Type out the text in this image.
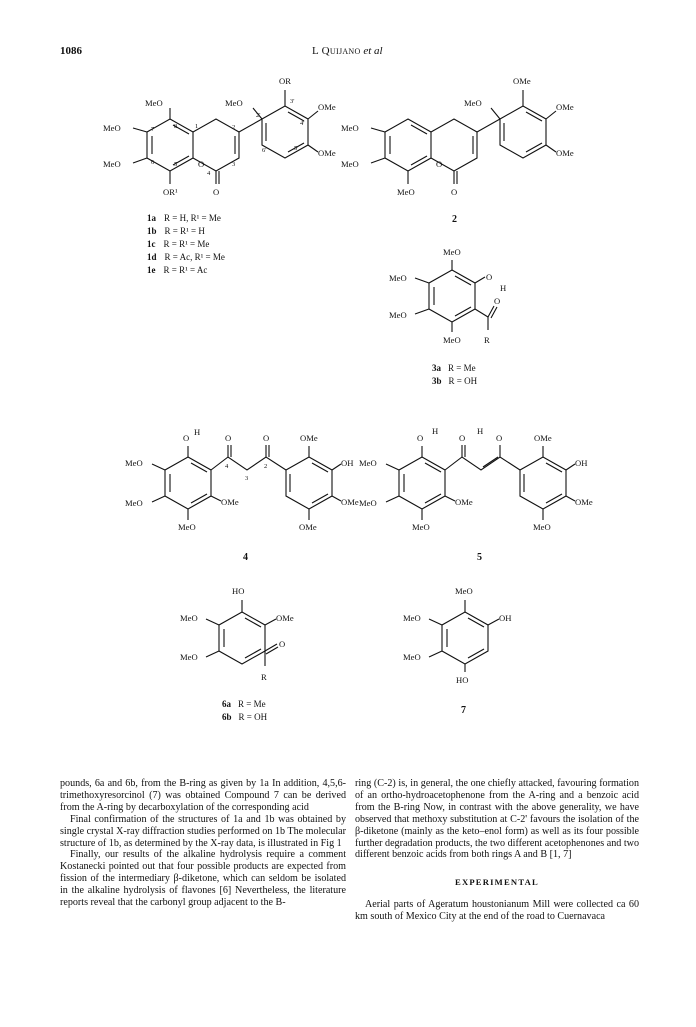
1086	L Quijano et al
OR
MeO	MeO	OMe
MeO
OMe
MeO
OR¹
O
O
2'
3'
4'
5'
6'
8
7
6	5
1	2
3
4
1a R = H, R¹ = Me
1b R = R¹ = H
1c R = R¹ = Me
1d R = Ac, R¹ = Me
1e R = R¹ = Ac
OMe
MeO	OMe
MeO
OMe
MeO
MeO
O
O
2
MeO
MeO
MeO
MeO
O
H
O
R
3a R = Me
3b R = OH
O
H
O	O	OMe
MeO	OH
MeO	OMe	OMe
MeO	OMe
4
3
2
4
O
H
O
H
O	OMe
MeO	OH
MeO	OMe	OMe
MeO	MeO
5
HO
MeO	OMe
MeO
O
R
6a R = Me
6b R = OH
MeO
MeO	OH
MeO
HO
7

pounds, 6a and 6b, from the B-ring as given by 1a In addition, 4,5,6-trimethoxyresorcinol (7) was obtained Compound 7 can be derived from the A-ring by decarboxylation of the corresponding acid

Final confirmation of the structures of 1a and 1b was obtained by single crystal X-ray diffraction studies performed on 1b The molecular structure of 1b, as determined by the X-ray data, is illustrated in Fig 1

Finally, our results of the alkaline hydrolysis require a comment Kostanecki pointed out that four possible products are expected from fission of the intermediary β-diketone, which can seldom be isolated in the alkaline hydrolysis of flavones [6] Nevertheless, the literature reports reveal that the carbonyl group adjacent to the B-

ring (C-2) is, in general, the one chiefly attacked, favouring formation of an ortho-hydroacetophenone from the A-ring and a benzoic acid from the B-ring Now, in contrast with the above generality, we have observed that methoxy substitution at C-2' favours the isolation of the β-diketone (mainly as the keto–enol form) as well as its four possible further degradation products, the two different acetophenones and two different benzoic acids from both rings A and B [1, 7]

EXPERIMENTAL

Aerial parts of Ageratum houstonianum Mill were collected ca 60 km south of Mexico City at the end of the road to Cuernavaca
